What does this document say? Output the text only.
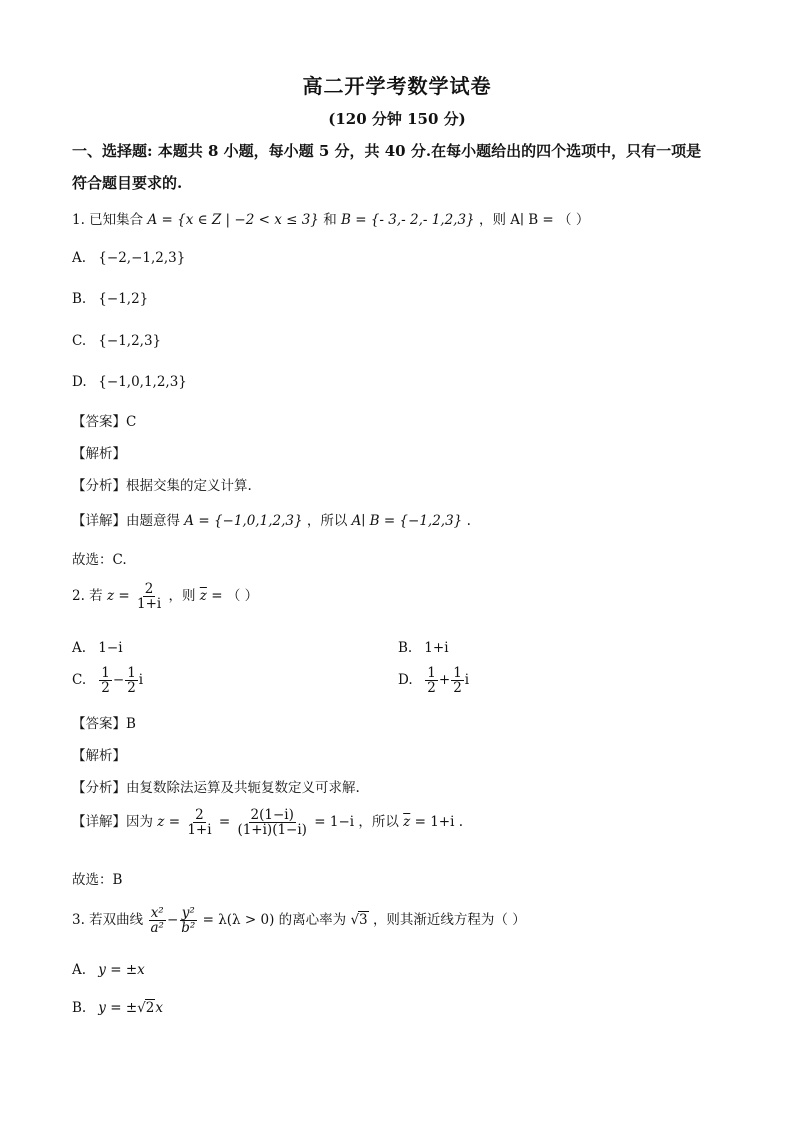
高二开学考数学试卷
(120 分钟 150 分)
一、选择题: 本题共 8 小题，每小题 5 分，共 40 分.在每小题给出的四个选项中，只有一项是
符合题目要求的.
1. 已知集合 A = {x ∈ Z | −2 < x ≤ 3} 和 B = {- 3,- 2,- 1,2,3} ，则 A∣ B = （ ）
A. {−2,−1,2,3}
B. {−1,2}
C. {−1,2,3}
D. {−1,0,1,2,3}
【答案】C
【解析】
【分析】根据交集的定义计算.
【详解】由题意得 A = {−1,0,1,2,3} ，所以 A∣ B = {−1,2,3} .
故选：C.
2. 若 $z = \frac{2}{1+i}$ ，则 $\overline{z}$ = （ ）
A. 1−i	B. 1+i
C. $\frac{1}{2} - \frac{1}{2}$ i	D. $\frac{1}{2} + \frac{1}{2}$ i
【答案】B
【解析】
【分析】由复数除法运算及共轭复数定义可求解.
【详解】因为 $z = \frac{2}{1+i} = \frac{2(1-i)}{(1+i)(1-i)} = 1-i$ ，所以 $\overline{z} = 1+i$ .
故选：B
3. 若双曲线 $\frac{\text{x²}}{\text{a²}} - \frac{\text{y²}}{\text{b²}} = \lambda(\lambda > 0)$ 的离心率为 √3 ，则其渐近线方程为（ ）
A. y = ±x
B. y = ±√2x
